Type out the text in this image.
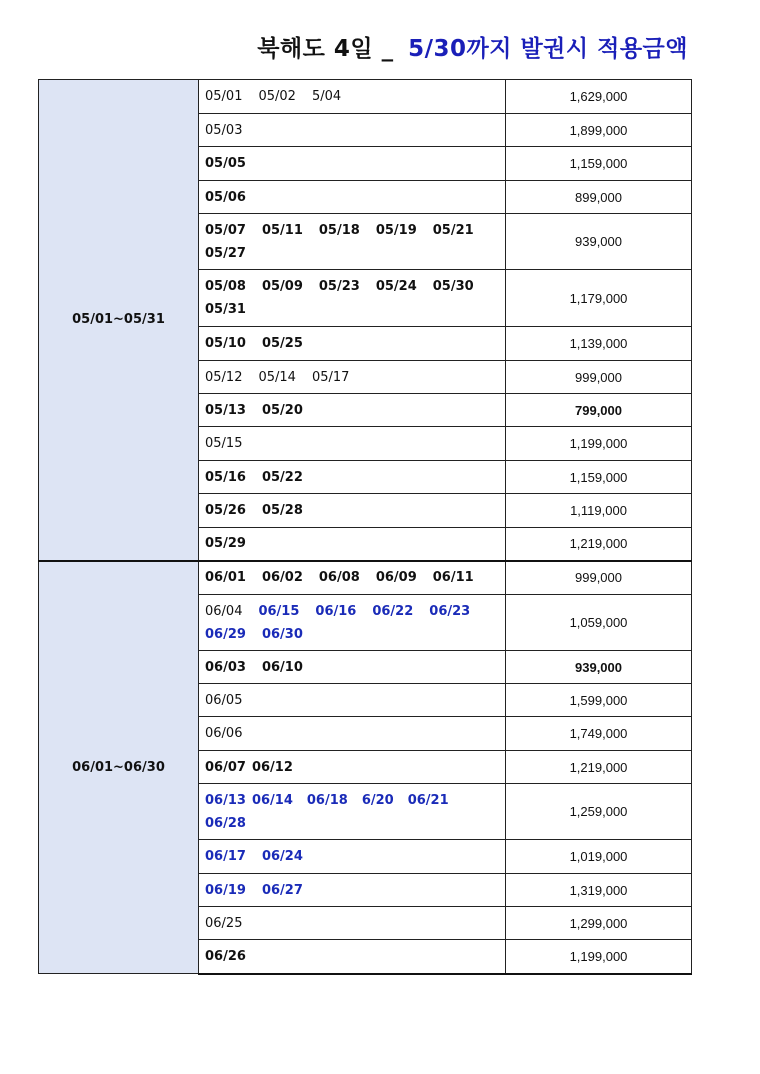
북해도 4일 _ 5/30까지 발권시 적용금액
05/01~05/31	05/01 05/02 5/04	1,629,000
	05/03	1,899,000
	05/05	1,159,000
	05/06	899,000
	05/07 05/11 05/18 05/19 05/2105/27	939,000
	05/08 05/09 05/23 05/24 05/3005/31	1,179,000
	05/10 05/25	1,139,000
	05/12 05/14 05/17	999,000
	05/13 05/20	799,000
	05/15	1,199,000
	05/16 05/22	1,159,000
	05/26 05/28	1,119,000
	05/29	1,219,000
06/01~06/30	06/01 06/02 06/08 06/09 06/11	999,000
	06/04 06/15 06/16 06/22 06/2306/29 06/30	1,059,000
	06/03 06/10	939,000
	06/05	1,599,000
	06/06	1,749,000
	06/07 06/12	1,219,000
	06/13 06/14 06/18 6/20 06/2106/28	1,259,000
	06/17 06/24	1,019,000
	06/19 06/27	1,319,000
	06/25	1,299,000
	06/26	1,199,000
